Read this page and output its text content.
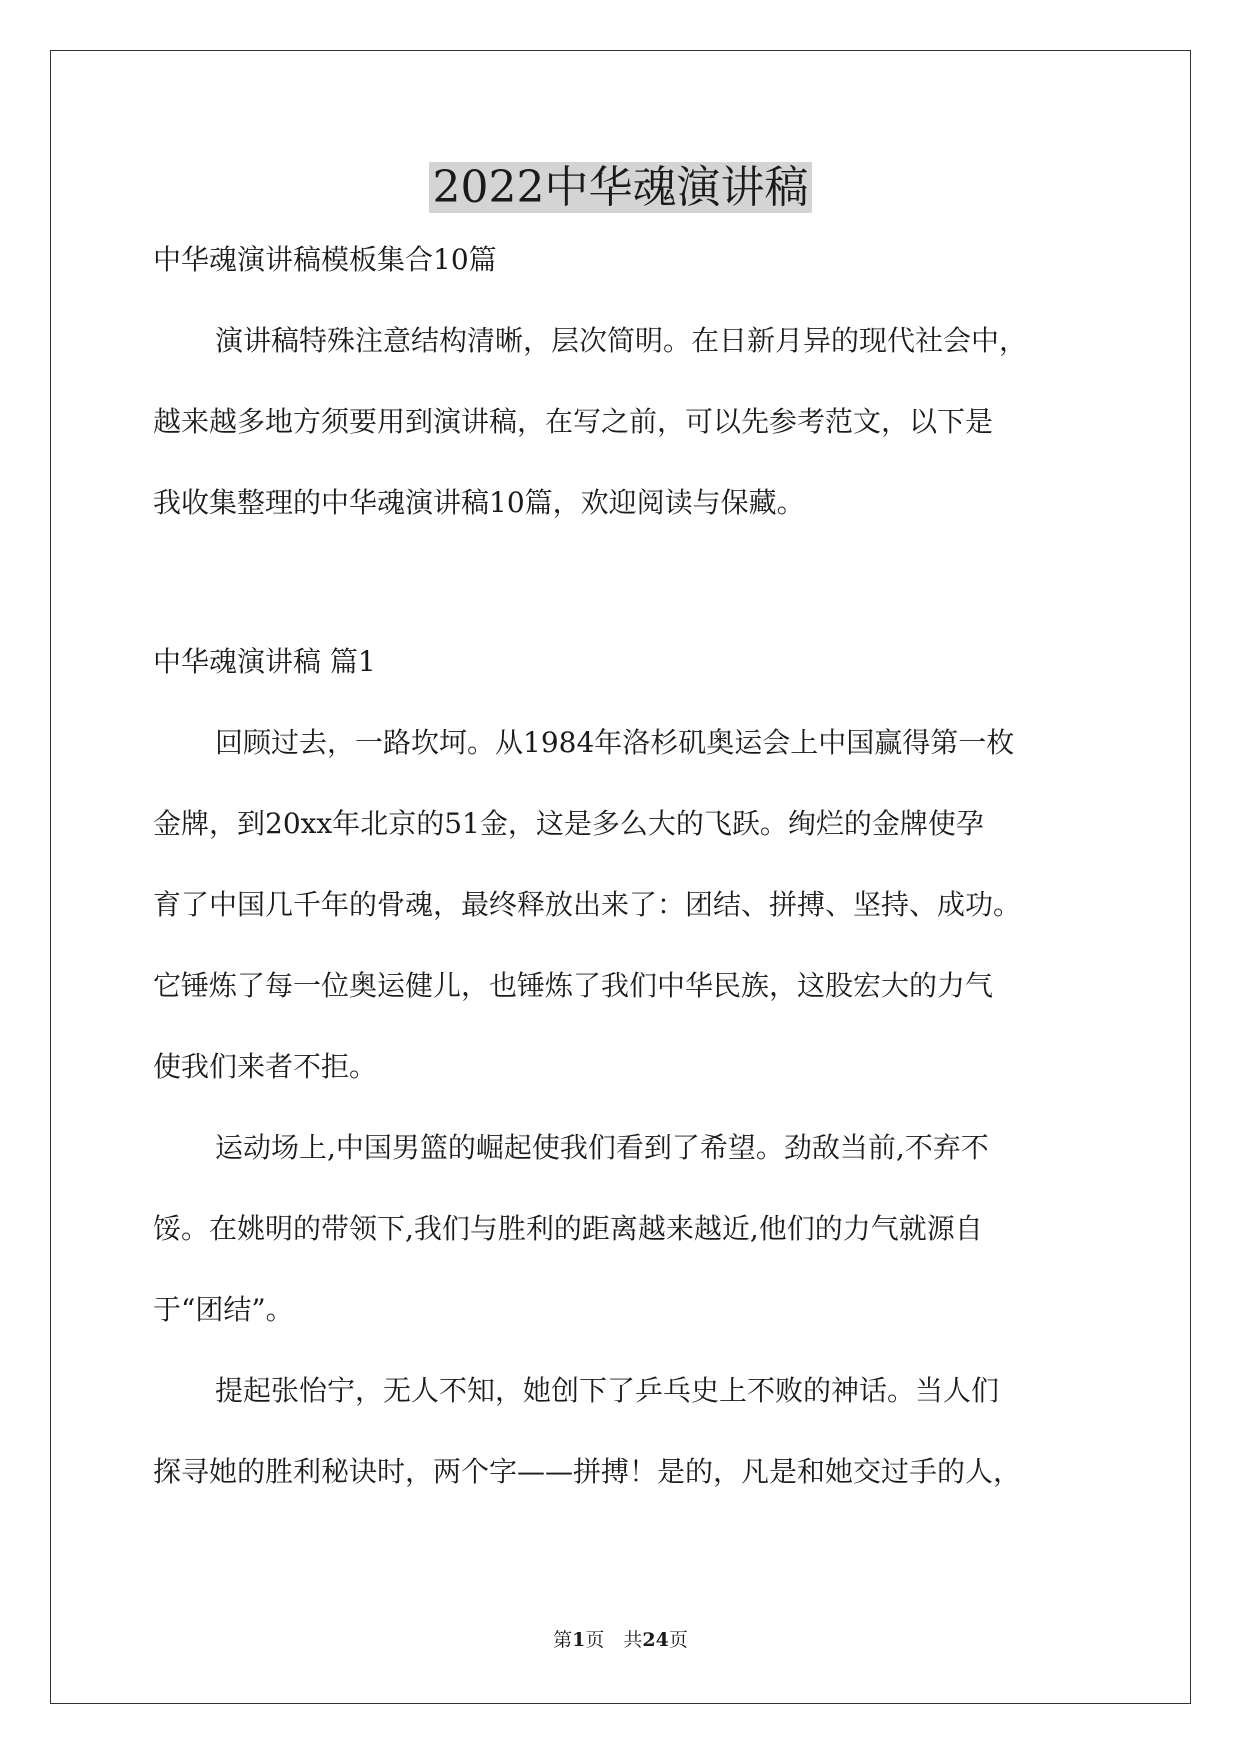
2022中华魂演讲稿
中华魂演讲稿模板集合10篇
演讲稿特殊注意结构清晰，层次简明。在日新月异的现代社会中，
越来越多地方须要用到演讲稿，在写之前，可以先参考范文，以下是
我收集整理的中华魂演讲稿10篇，欢迎阅读与保藏。
中华魂演讲稿 篇1
回顾过去，一路坎坷。从1984年洛杉矶奥运会上中国赢得第一枚
金牌，到20xx年北京的51金，这是多么大的飞跃。绚烂的金牌使孕
育了中国几千年的骨魂，最终释放出来了：团结、拼搏、坚持、成功。
它锤炼了每一位奥运健儿，也锤炼了我们中华民族，这股宏大的力气
使我们来者不拒。
运动场上,中国男篮的崛起使我们看到了希望。劲敌当前,不弃不
馁。在姚明的带领下,我们与胜利的距离越来越近,他们的力气就源自
于“团结”。
提起张怡宁，无人不知，她创下了乒乓史上不败的神话。当人们
探寻她的胜利秘诀时，两个字——拼搏！是的，凡是和她交过手的人，
第1页　共24页
